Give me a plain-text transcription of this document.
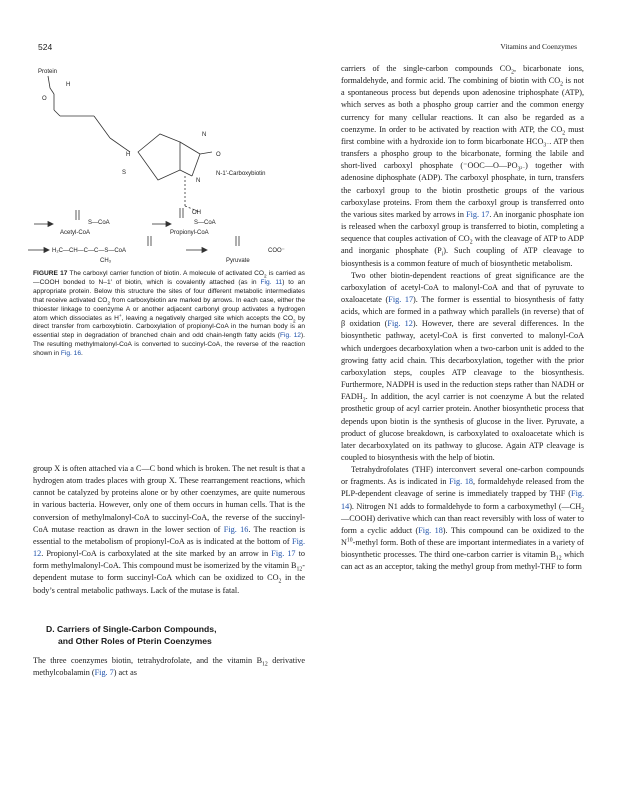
524	Vitamins and Coenzymes
Protein
H
O
S
H
N
O
N
N-1'-Carboxybiotin
OH
S—CoA
Acetyl-CoA
S—CoA
Propionyl-CoA
H₂C—CH—C—C—S—CoA	COO⁻
Pyruvate
CH₃
FIGURE 17 The carboxyl carrier function of biotin. A molecule of activated $CO_2$ is carried as —COOH bonded to N–1′ of biotin, which is covalently attached (as in Fig. 11) to an appropriate protein. Below this structure the sites of four different metabolic intermediates that receive activated $CO_2$ from carboxybiotin are marked by arrows. In each case, either the thioester linkage to coenzyme A or another adjacent carbonyl group activates a hydrogen atom which dissociates as H+, leaving a negatively charged site which accepts the $CO_2$ by direct transfer from carboxybiotin. Carboxylation of propionyl-CoA in the human body is an essential step in degradation of branched chain and odd chain-length fatty acids (Fig. 12). The resulting methylmalonyl-CoA is converted to succinyl-CoA, the reverse of the reaction shown in Fig. 16.

group X is often attached via a C—C bond which is broken. The net result is that a hydrogen atom trades places with group X. These rearrangement reactions, which cannot be catalyzed by proteins alone or by other coenzymes, are quite numerous in various bacteria. However, only one of them occurs in human cells. That is the conversion of methylmalonyl-CoA to succinyl-CoA, the reverse of the succinyl-CoA mutase reaction as drawn in the lower section of Fig. 16. The reaction is essential to the metabolism of propionyl-CoA as is indicated at the bottom of Fig. 12. Propionyl-CoA is carboxylated at the site marked by an arrow in Fig. 17 to form methylmalonyl-CoA. This compound must be isomerized by the vitamin $B_{12}$-dependent mutase to form succinyl-CoA which can be oxidized to $CO_2$ in the body’s central metabolic pathways. Lack of the mutase is fatal.

D. Carriers of Single-Carbon Compounds,
and Other Roles of Pterin Coenzymes

The three coenzymes biotin, tetrahydrofolate, and the vitamin $B_{12}$ derivative methylcobalamin (Fig. 7) act as

carriers of the single-carbon compounds $CO_2$, bicarbonate ions, formaldehyde, and formic acid. The combining of biotin with $CO_2$ is not a spontaneous process but depends upon adenosine triphosphate (ATP), which serves as both a phospho group carrier and the common energy currency for many cellular reactions. It can also be regarded as a coenzyme. In order to be activated by reaction with ATP, the $CO_2$ must first combine with a hydroxide ion to form bicarbonate $HCO_{3^-}$. ATP then transfers a phospho group to the bicarbonate, forming the labile and short-lived carboxyl phosphate $(^-OOC—O—PO_{3^{2-}})$ together with adenosine diphosphate (ADP). The carboxyl phosphate, in turn, transfers the carboxyl group to the biotin prosthetic groups of the various carboxylase proteins. From them the carboxyl group is transferred onto the various sites marked by arrows in Fig. 17. An inorganic phosphate ion is released when the carboxyl group is transferred to biotin, completing a sequence that couples activation of $CO_2$ with the cleavage of ATP to ADP and inorganic phosphate $(P_i)$. Such coupling of ATP cleavage to biosynthesis is a common feature of much of biosynthetic metabolism.

Two other biotin-dependent reactions of great significance are the carboxylation of acetyl-CoA to malonyl-CoA and that of pyruvate to oxaloacetate (Fig. 17). The former is essential to biosynthesis of fatty acids, which are formed in a pathway which parallels (in reverse) that of β oxidation (Fig. 12). However, there are several differences. In the biosynthetic pathway, acetyl-CoA is first converted to malonyl-CoA which undergoes decarboxylation when a two-carbon unit is added to the growing fatty acid chain. This decarboxylation, together with the prior carboxylation steps, couples ATP cleavage to the biosynthesis. Furthermore, NADPH is used in the reduction steps rather than NADH or $FADH_2$. In addition, the acyl carrier is not coenzyme A but the related prosthetic group of acyl carrier protein. Another biosynthetic process that depends upon biotin is the synthesis of glucose in the liver. Pyruvate, a product of glucose breakdown, is carboxylated to oxaloacetate which is later decarboxylated on its pathway to glucose. Again ATP cleavage is coupled to biosynthesis with the help of biotin.

Tetrahydrofolates (THF) interconvert several one-carbon compounds or fragments. As is indicated in Fig. 18, formaldehyde released from the PLP-dependent cleavage of serine is immediately trapped by THF (Fig. 14). Nitrogen N1 adds to formaldehyde to form a carboxymethyl $(—CH_2—COOH)$ derivative which can than react reversibly with loss of water to form a cyclic adduct (Fig. 18). This compound can be oxidized to the $N^{10}$-methyl form. Both of these are important intermediates in a variety of biosynthetic processes. The third one-carbon carrier is vitamin $B_{12}$ which can act as an acceptor, taking the methyl group from methyl-THF to form
